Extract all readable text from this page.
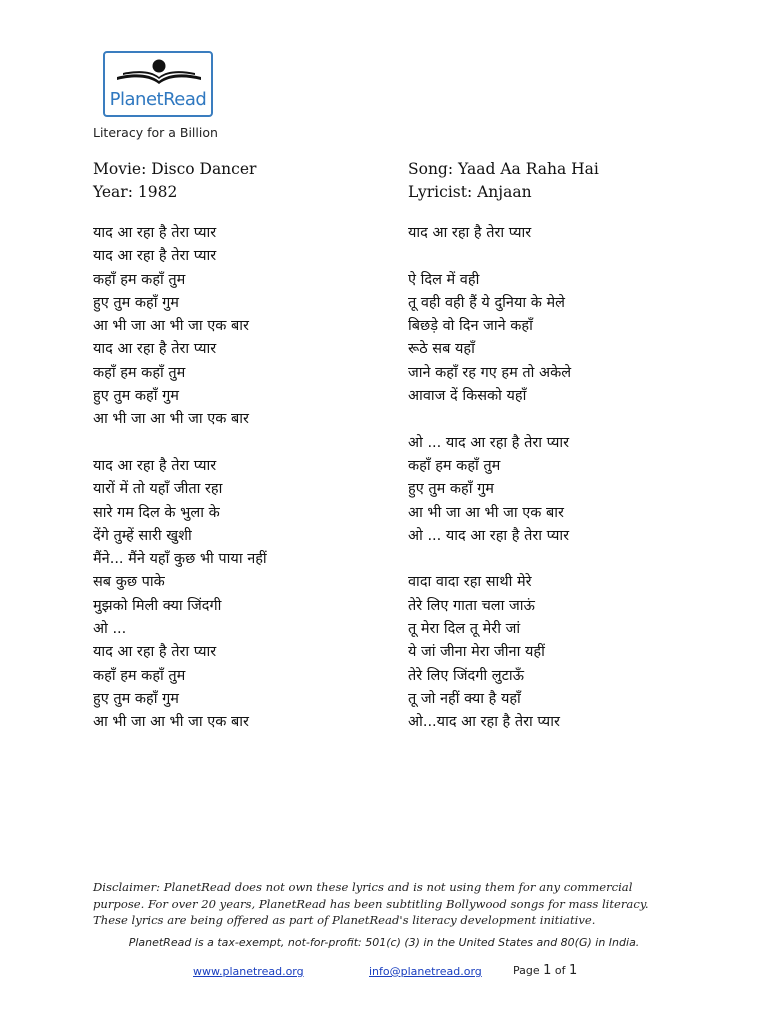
PlanetRead
Literacy for a Billion
Movie: Disco Dancer
Year: 1982
Song: Yaad Aa Raha Hai
Lyricist: Anjaan
याद आ रहा है तेरा प्यार
याद आ रहा है तेरा प्यार
कहाँ हम कहाँ तुम
हुए तुम कहाँ गुम
आ भी जा आ भी जा एक बार
याद आ रहा है तेरा प्यार
कहाँ हम कहाँ तुम
हुए तुम कहाँ गुम
आ भी जा आ भी जा एक बार
याद आ रहा है तेरा प्यार
यारों में तो यहाँ जीता रहा
सारे गम दिल के भुला के
देंगे तुम्हें सारी खुशी
मैंने... मैंने यहाँ कुछ भी पाया नहीं
सब कुछ पाके
मुझको मिली क्या जिंदगी
ओ ...
याद आ रहा है तेरा प्यार
कहाँ हम कहाँ तुम
हुए तुम कहाँ गुम
आ भी जा आ भी जा एक बार
याद आ रहा है तेरा प्यार
ऐ दिल में वही
तू वही वही हैं ये दुनिया के मेले
बिछड़े वो दिन जाने कहाँ
रूठे सब यहाँ
जाने कहाँ रह गए हम तो अकेले
आवाज दें किसको यहाँ
ओ ... याद आ रहा है तेरा प्यार
कहाँ हम कहाँ तुम
हुए तुम कहाँ गुम
आ भी जा आ भी जा एक बार
ओ ... याद आ रहा है तेरा प्यार
वादा वादा रहा साथी मेरे
तेरे लिए गाता चला जाऊं
तू मेरा दिल तू मेरी जां
ये जां जीना मेरा जीना यहीं
तेरे लिए जिंदगी लुटाऊँ
तू जो नहीं क्या है यहाँ
ओ...याद आ रहा है तेरा प्यार
Disclaimer: PlanetRead does not own these lyrics and is not using them for any commercial
purpose. For over 20 years, PlanetRead has been subtitling Bollywood songs for mass literacy.
These lyrics are being offered as part of PlanetRead's literacy development initiative.
PlanetRead is a tax-exempt, not-for-profit: 501(c) (3) in the United States and 80(G) in India.
www.planetread.org	info@planetread.org	Page 1 of 1
